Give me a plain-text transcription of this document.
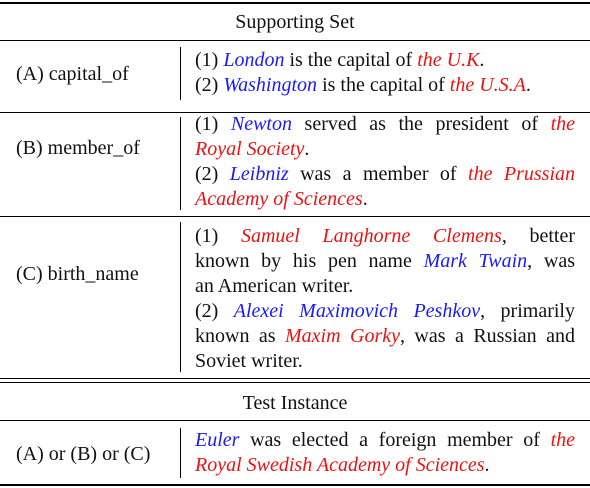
Supporting Set
Test Instance
(A) capital_of
(1) London is the capital of the U.K.
(2) Washington is the capital of the U.S.A.
(B) member_of
(1) Newton served as the president of the
Royal Society.
(2) Leibniz was a member of the Prussian
Academy of Sciences.
(C) birth_name
(1) Samuel Langhorne Clemens, better
known by his pen name Mark Twain, was
an American writer.
(2) Alexei Maximovich Peshkov, primarily
known as Maxim Gorky, was a Russian and
Soviet writer.
(A) or (B) or (C)
Euler was elected a foreign member of the
Royal Swedish Academy of Sciences.
